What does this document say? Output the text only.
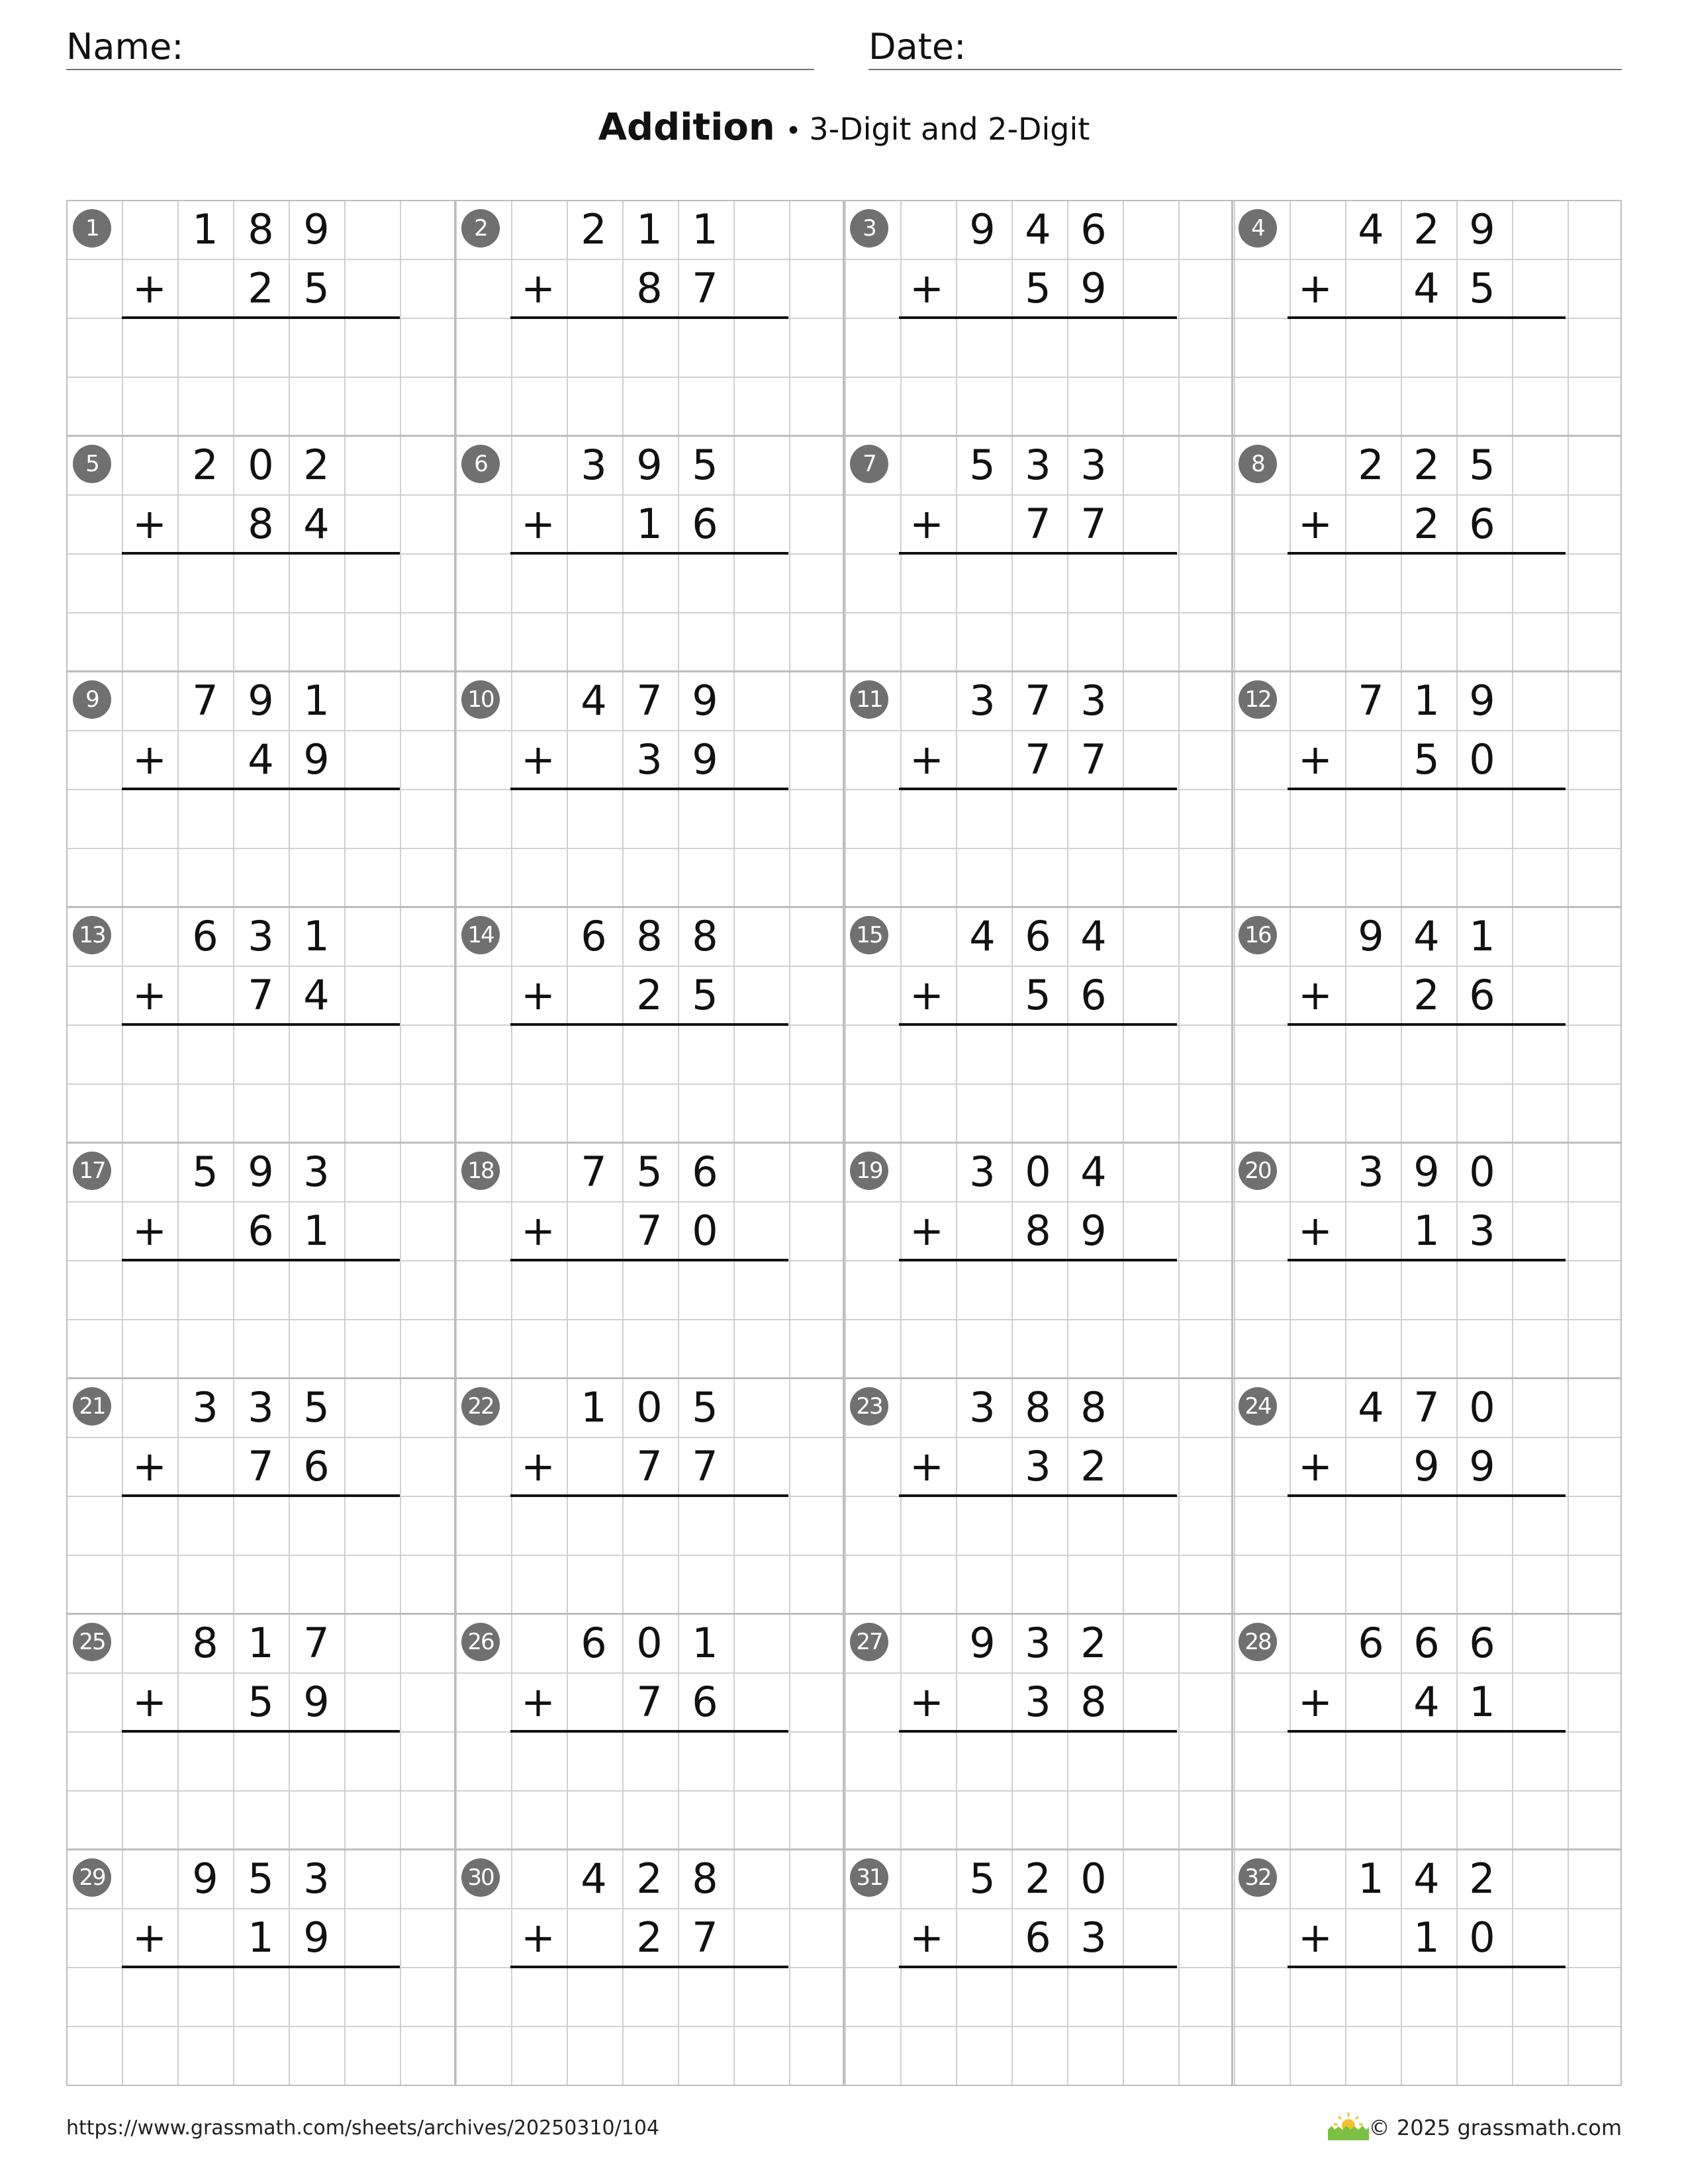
Name:	Date:
Addition • 3-Digit and 2-Digit
1	1 8 9
2 5
+
2	2 1 1
8 7
+
3	9 4 6
5 9
+
4	4 2 9
4 5
+
5	2 0 2
8 4
+
6	3 9 5
1 6
+
7	5 3 3
7 7
+
8	2 2 5
2 6
+
9	7 9 1
4 9
+
10	4 7 9
3 9
+
11	3 7 3
7 7
+
12	7 1 9
5 0
+
13	6 3 1
7 4
+
14	6 8 8
2 5
+
15	4 6 4
5 6
+
16	9 4 1
2 6
+
17	5 9 3
6 1
+
18	7 5 6
7 0
+
19	3 0 4
8 9
+
20	3 9 0
1 3
+
21	3 3 5
7 6
+
22	1 0 5
7 7
+
23	3 8 8
3 2
+
24	4 7 0
9 9
+
25	8 1 7
5 9
+
26	6 0 1
7 6
+
27	9 3 2
3 8
+
28	6 6 6
4 1
+
29	9 5 3
1 9
+
30	4 2 8
2 7
+
31	5 2 0
6 3
+
32	1 4 2
1 0
+
https://www.grassmath.com/sheets/archives/20250310/104	© 2025 grassmath.com
